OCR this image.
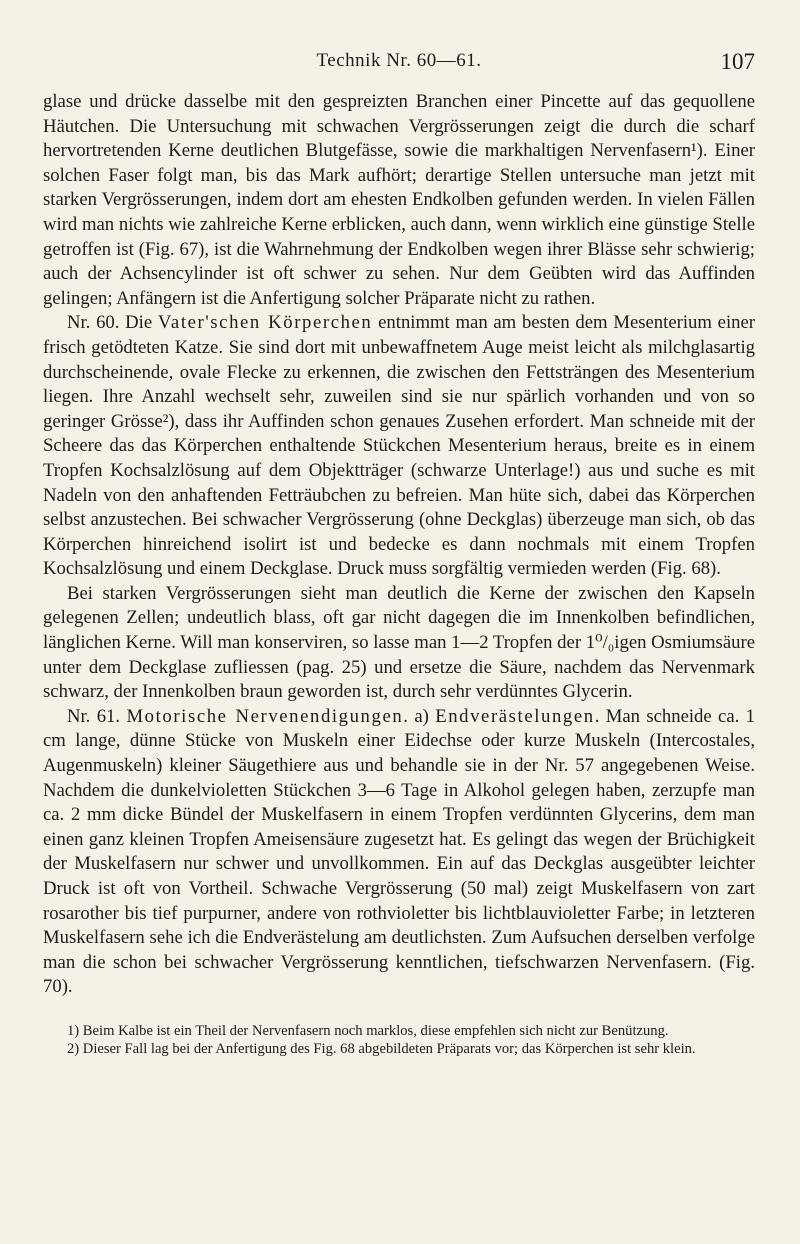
Technik Nr. 60—61.	107

glase und drücke dasselbe mit den gespreizten Branchen einer Pincette auf das gequollene Häutchen. Die Untersuchung mit schwachen Vergrösserungen zeigt die durch die scharf hervortretenden Kerne deutlichen Blutgefässe, sowie die markhaltigen Nervenfasern¹). Einer solchen Faser folgt man, bis das Mark aufhört; derartige Stellen untersuche man jetzt mit starken Vergrösserungen, indem dort am ehesten Endkolben gefunden werden. In vielen Fällen wird man nichts wie zahlreiche Kerne erblicken, auch dann, wenn wirklich eine günstige Stelle getroffen ist (Fig. 67), ist die Wahrnehmung der Endkolben wegen ihrer Blässe sehr schwierig; auch der Achsencylinder ist oft schwer zu sehen. Nur dem Geübten wird das Auffinden gelingen; Anfängern ist die Anfertigung solcher Präparate nicht zu rathen.

Nr. 60. Die Vater'schen Körperchen entnimmt man am besten dem Mesenterium einer frisch getödteten Katze. Sie sind dort mit unbewaffnetem Auge meist leicht als milchglasartig durchscheinende, ovale Flecke zu erkennen, die zwischen den Fettsträngen des Mesenterium liegen. Ihre Anzahl wechselt sehr, zuweilen sind sie nur spärlich vorhanden und von so geringer Grösse²), dass ihr Auffinden schon genaues Zusehen erfordert. Man schneide mit der Scheere das das Körperchen enthaltende Stückchen Mesenterium heraus, breite es in einem Tropfen Kochsalzlösung auf dem Objektträger (schwarze Unterlage!) aus und suche es mit Nadeln von den anhaftenden Fetträubchen zu befreien. Man hüte sich, dabei das Körperchen selbst anzustechen. Bei schwacher Vergrösserung (ohne Deckglas) überzeuge man sich, ob das Körperchen hinreichend isolirt ist und bedecke es dann nochmals mit einem Tropfen Kochsalzlösung und einem Deckglase. Druck muss sorgfältig vermieden werden (Fig. 68).

Bei starken Vergrösserungen sieht man deutlich die Kerne der zwischen den Kapseln gelegenen Zellen; undeutlich blass, oft gar nicht dagegen die im Innenkolben befindlichen, länglichen Kerne. Will man konserviren, so lasse man 1—2 Tropfen der 1⁰/₀igen Osmiumsäure unter dem Deckglase zufliessen (pag. 25) und ersetze die Säure, nachdem das Nervenmark schwarz, der Innenkolben braun geworden ist, durch sehr verdünntes Glycerin.

Nr. 61. Motorische Nervenendigungen. a) Endverästelungen. Man schneide ca. 1 cm lange, dünne Stücke von Muskeln einer Eidechse oder kurze Muskeln (Intercostales, Augenmuskeln) kleiner Säugethiere aus und behandle sie in der Nr. 57 angegebenen Weise. Nachdem die dunkelvioletten Stückchen 3—6 Tage in Alkohol gelegen haben, zerzupfe man ca. 2 mm dicke Bündel der Muskelfasern in einem Tropfen verdünnten Glycerins, dem man einen ganz kleinen Tropfen Ameisensäure zugesetzt hat. Es gelingt das wegen der Brüchigkeit der Muskelfasern nur schwer und unvollkommen. Ein auf das Deckglas ausgeübter leichter Druck ist oft von Vortheil. Schwache Vergrösserung (50 mal) zeigt Muskelfasern von zart rosarother bis tief purpurner, andere von rothvioletter bis lichtblauvioletter Farbe; in letzteren Muskelfasern sehe ich die Endverästelung am deutlichsten. Zum Aufsuchen derselben verfolge man die schon bei schwacher Vergrösserung kenntlichen, tiefschwarzen Nervenfasern. (Fig. 70).

1) Beim Kalbe ist ein Theil der Nervenfasern noch marklos, diese empfehlen sich nicht zur Benützung.

2) Dieser Fall lag bei der Anfertigung des Fig. 68 abgebildeten Präparats vor; das Körperchen ist sehr klein.
